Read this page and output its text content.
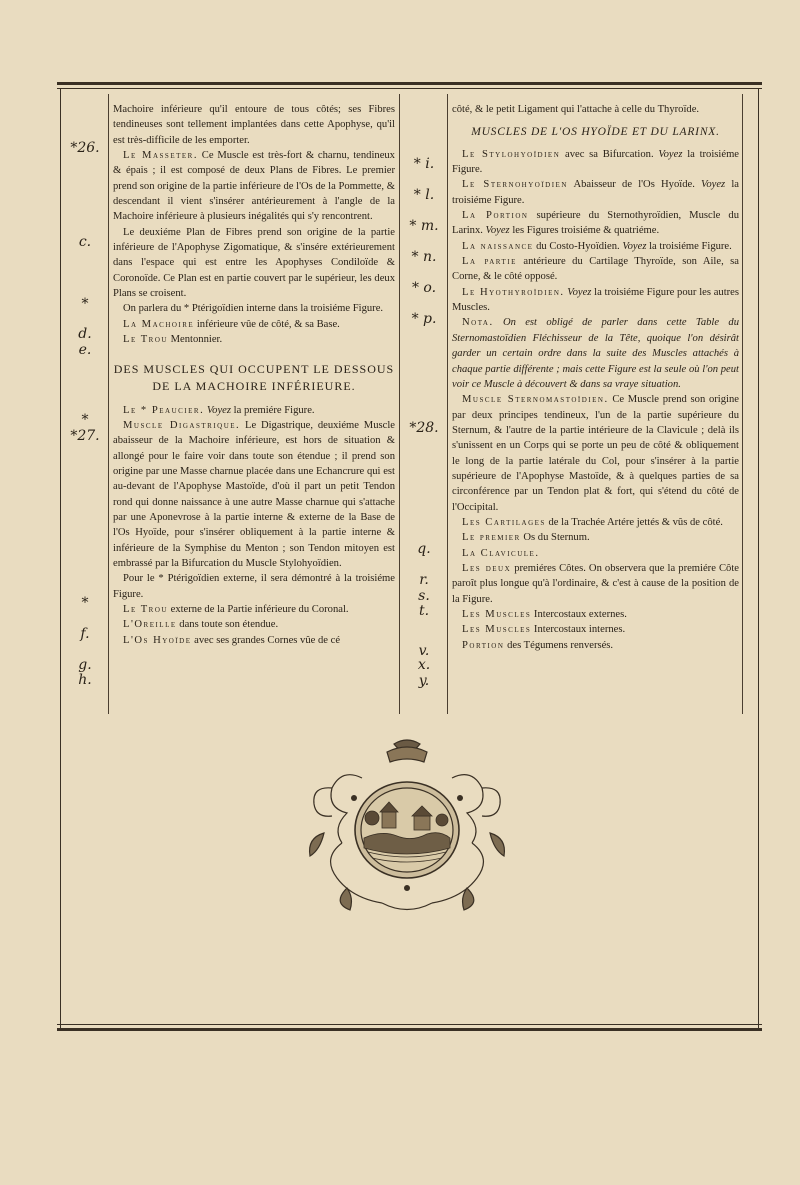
*26.
c.
*
d.
e.
*
*27.
*
f.
g.
h.
* i.
* l.
* m.
* n.
* o.
* p.
*28.
q.
r.
s.
t.
v.
x.
y.

Machoire inférieure qu'il entoure de tous côtés; ses Fibres tendineuses sont tellement implantées dans cette Apophyse, qu'il est très-difficile de les emporter.

Le Masseter. Ce Muscle est très-fort & charnu, tendineux & épais ; il est composé de deux Plans de Fibres. Le premier prend son origine de la partie inférieure de l'Os de la Pommette, & descendant il vient s'insérer antérieurement à l'angle de la Machoire inférieure à plusieurs inégalités qui s'y rencontrent.

Le deuxiéme Plan de Fibres prend son origine de la partie inférieure de l'Apophyse Zigomatique, & s'insére extérieurement dans l'espace qui est entre les Apophyses Condiloïde & Coronoïde. Ce Plan est en partie couvert par le supérieur, les deux Plans se croisent.

On parlera du * Ptérigoïdien interne dans la troisiéme Figure.

La Machoire inférieure vûe de côté, & sa Base.

Le Trou Mentonnier.

DES MUSCLES QUI OCCUPENT LE DESSOUS DE LA MACHOIRE INFÉRIEURE.

Le * Peaucier. Voyez la premiére Figure.

Muscle Digastrique. Le Digastrique, deuxiéme Muscle abaisseur de la Machoire inférieure, est hors de situation & allongé pour le faire voir dans toute son étendue ; il prend son origine par une Masse charnue placée dans une Echancrure qui est au-devant de l'Apophyse Mastoïde, d'où il part un petit Tendon rond qui donne naissance à une autre Masse charnue qui s'attache par une Aponevrose à la partie interne & externe de la Base de l'Os Hyoïde, pour s'insérer obliquement à la partie interne & inférieure de la Symphise du Menton ; son Tendon mitoyen est embrassé par la Bifurcation du Muscle Stylohyoïdien.

Pour le * Ptérigoïdien externe, il sera démontré à la troisiéme Figure.

Le Trou externe de la Partie inférieure du Coronal.

L'Oreille dans toute son étendue.

L'Os Hyoïde avec ses grandes Cornes vûe de cé

côté, & le petit Ligament qui l'attache à celle du Thyroïde.

MUSCLES DE L'OS HYOÏDE ET DU LARINX.

Le Stylohyoïdien avec sa Bifurcation. Voyez la troisiéme Figure.

Le Sternohyoïdien Abaisseur de l'Os Hyoïde. Voyez la troisiéme Figure.

La Portion supérieure du Sternothyroïdien, Muscle du Larinx. Voyez les Figures troisiéme & quatriéme.

La naissance du Costo-Hyoïdien. Voyez la troisiéme Figure.

La partie antérieure du Cartilage Thyroïde, son Aile, sa Corne, & le côté opposé.

Le Hyothyroïdien. Voyez la troisiéme Figure pour les autres Muscles.

Nota. On est obligé de parler dans cette Table du Sternomastoïdien Fléchisseur de la Tête, quoique l'on désirât garder un certain ordre dans la suite des Muscles attachés à chaque partie différente ; mais cette Figure est la seule où l'on peut voir ce Muscle à découvert & dans sa vraye situation.

Muscle Sternomastoïdien. Ce Muscle prend son origine par deux principes tendineux, l'un de la partie supérieure du Sternum, & l'autre de la partie intérieure de la Clavicule ; delà ils s'unissent en un Corps qui se porte un peu de côté & obliquement le long de la partie latérale du Col, pour s'insérer à la partie supérieure de l'Apophyse Mastoïde, & à quelques parties de sa circonférence par un Tendon plat & fort, qui s'étend du côté de l'Occipital.

Les Cartilages de la Trachée Artére jettés & vûs de côté.

Le premier Os du Sternum.

La Clavicule.

Les deux premiéres Côtes. On observera que la premiére Côte paroît plus longue qu'à l'ordinaire, & c'est à cause de la position de la Figure.

Les Muscles Intercostaux externes.

Les Muscles Intercostaux internes.

Portion des Tégumens renversés.
